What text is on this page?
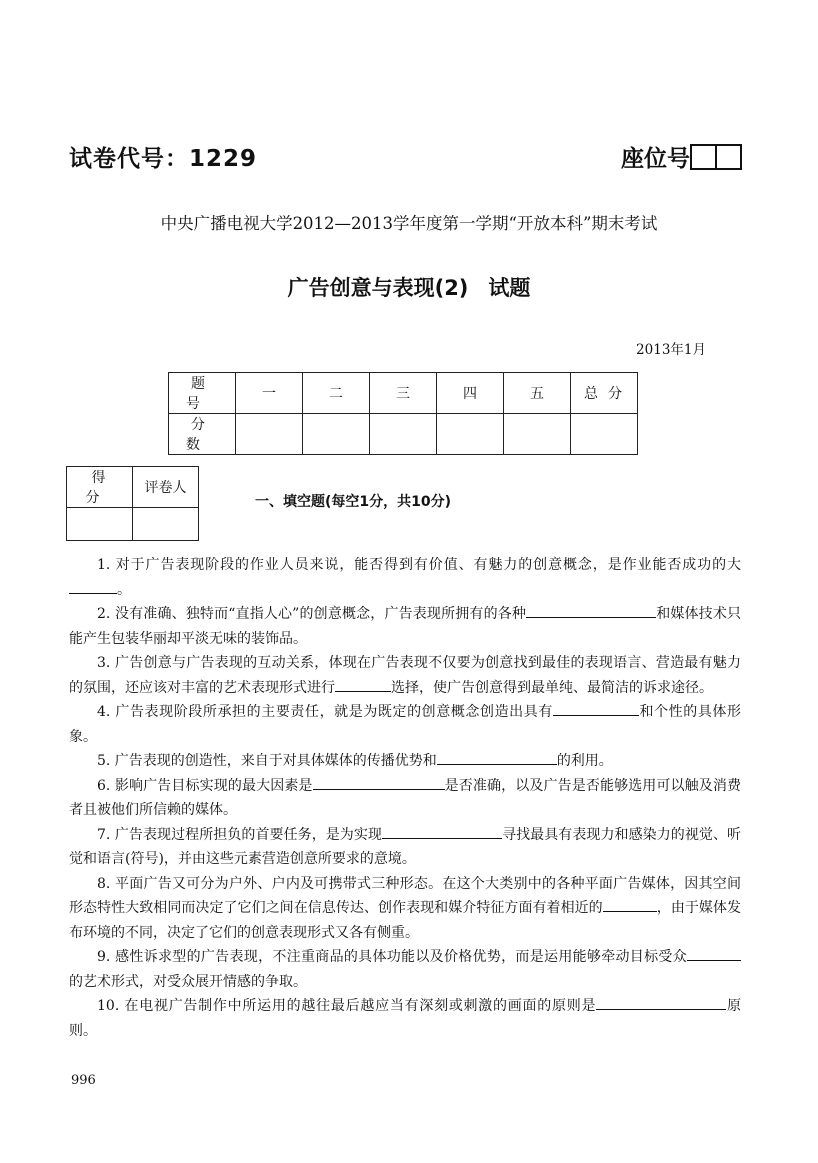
试卷代号：1229	座位号
中央广播电视大学2012—2013学年度第一学期“开放本科”期末考试
广告创意与表现(2) 试题
2013年1月
题号	一	二	三	四	五	总分
分数						
得分	评卷人

一、填空题(每空1分，共10分)

1. 对于广告表现阶段的作业人员来说，能否得到有价值、有魅力的创意概念，是作业能否成功的大。

2. 没有准确、独特而“直指人心”的创意概念，广告表现所拥有的各种	和媒体技术只能产生包装华丽却平淡无味的装饰品。

3. 广告创意与广告表现的互动关系，体现在广告表现不仅要为创意找到最佳的表现语言、营造最有魅力的氛围，还应该对丰富的艺术表现形式进行	选择，使广告创意得到最单纯、最简洁的诉求途径。

4. 广告表现阶段所承担的主要责任，就是为既定的创意概念创造出具有	和个性的具体形象。

5. 广告表现的创造性，来自于对具体媒体的传播优势和	的利用。

6. 影响广告目标实现的最大因素是	是否准确，以及广告是否能够选用可以触及消费者且被他们所信赖的媒体。

7. 广告表现过程所担负的首要任务，是为实现	寻找最具有表现力和感染力的视觉、听觉和语言(符号)，并由这些元素营造创意所要求的意境。

8. 平面广告又可分为户外、户内及可携带式三种形态。在这个大类别中的各种平面广告媒体，因其空间形态特性大致相同而决定了它们之间在信息传达、创作表现和媒介特征方面有着相近的	，由于媒体发布环境的不同，决定了它们的创意表现形式又各有侧重。

9. 感性诉求型的广告表现，不注重商品的具体功能以及价格优势，而是运用能够牵动目标受众的艺术形式，对受众展开情感的争取。

10. 在电视广告制作中所运用的越往最后越应当有深刻或刺激的画面的原则是	原则。

996
